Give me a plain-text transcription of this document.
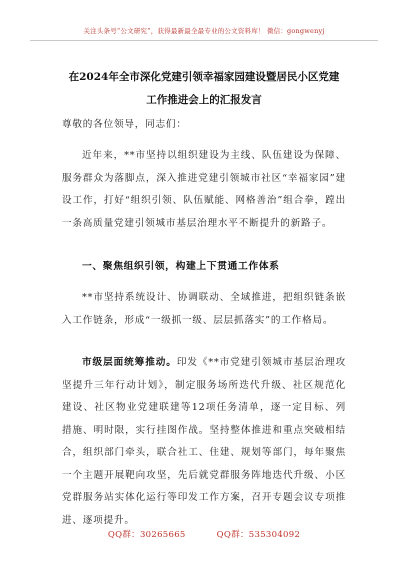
关注头条号“公文研究”，获得最新最全最专业的公文资料库！ 微信：gongwenyj
在2024年全市深化党建引领幸福家园建设暨居民小区党建
工作推进会上的汇报发言
尊敬的各位领导，同志们：
近年来，**市坚持以组织建设为主线、队伍建设为保障、服务群众为落脚点，深入推进党建引领城市社区“幸福家园”建设工作，打好“组织引领、队伍赋能、网格善治”组合拳，蹚出一条高质量党建引领城市基层治理水平不断提升的新路子。
一、聚焦组织引领，构建上下贯通工作体系
**市坚持系统设计、协调联动、全域推进，把组织链条嵌入工作链条，形成“一级抓一级、层层抓落实”的工作格局。
市级层面统筹推动。印发《**市党建引领城市基层治理攻坚提升三年行动计划》，制定服务场所迭代升级、社区规范化建设、社区物业党建联建等12项任务清单，逐一定目标、列措施、明时限，实行挂图作战。坚持整体推进和重点突破相结合，组织部门牵头，联合社工、住建、规划等部门，每年聚焦一个主题开展靶向攻坚，先后就党群服务阵地迭代升级、小区党群服务站实体化运行等印发工作方案，召开专题会议专项推进、逐项提升。
QQ群：30265665	QQ群：535304092
